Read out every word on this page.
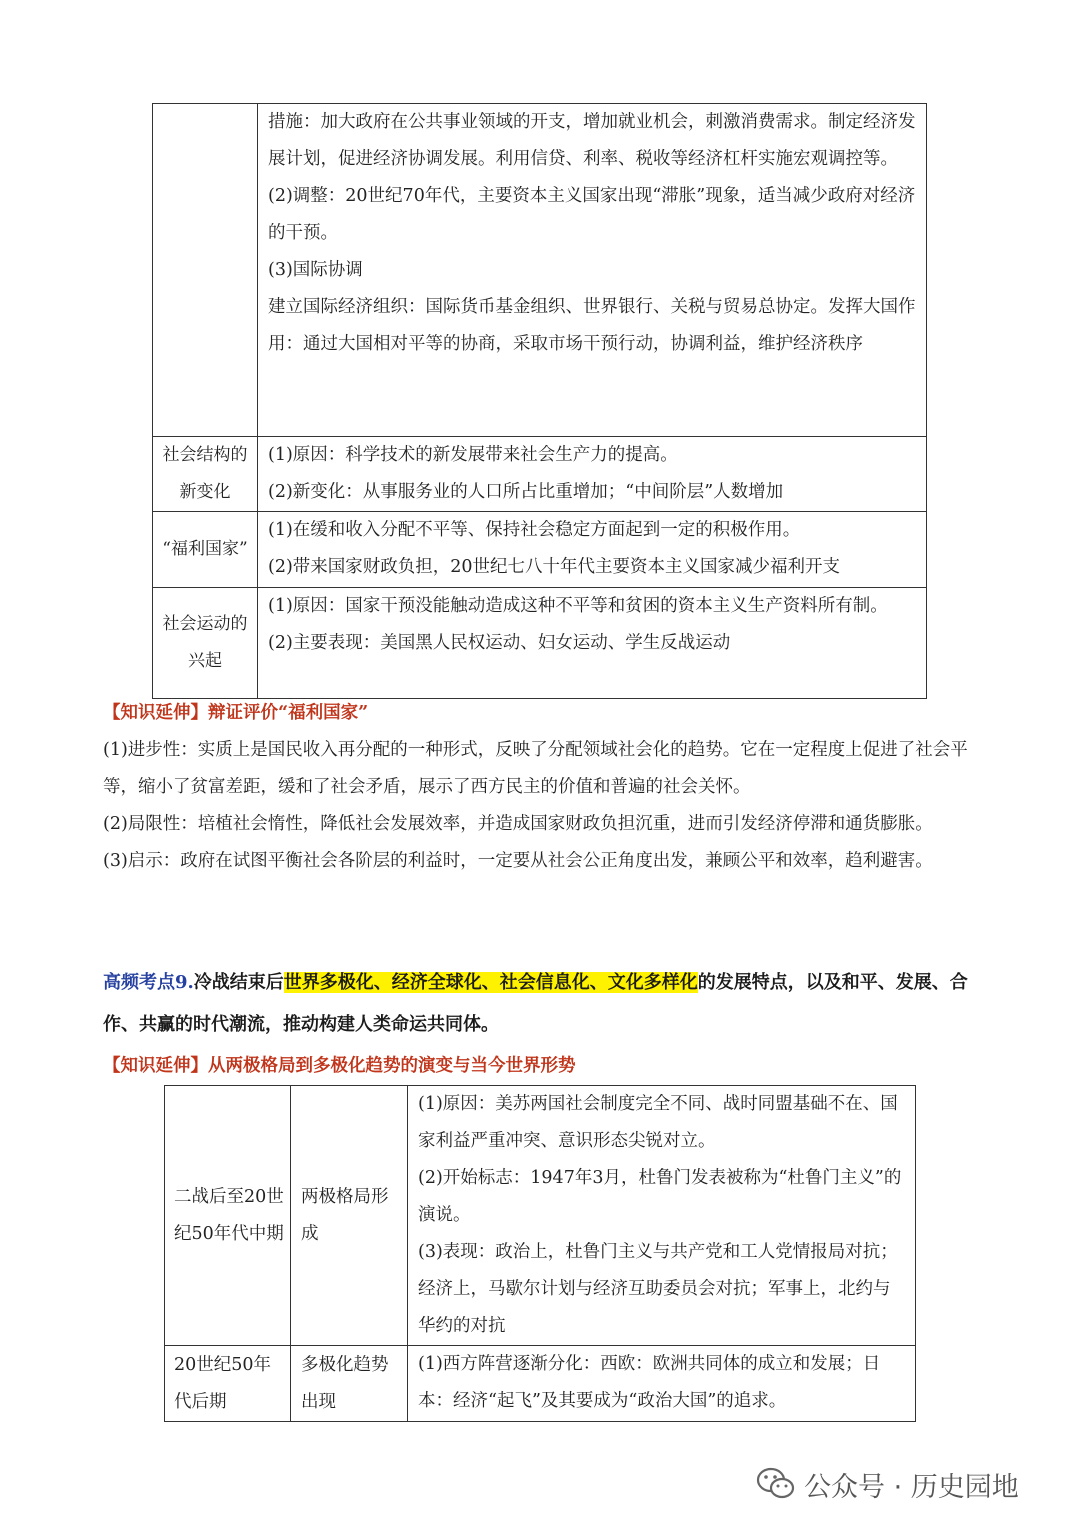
	措施：加大政府在公共事业领域的开支，增加就业机会，刺激消费需求。制定经济发展计划，促进经济协调发展。利用信贷、利率、税收等经济杠杆实施宏观调控等。

(2)调整：20世纪70年代，主要资本主义国家出现“滞胀”现象，适当减少政府对经济的干预。

(3)国际协调

建立国际经济组织：国际货币基金组织、世界银行、关税与贸易总协定。发挥大国作用：通过大国相对平等的协商，采取市场干预行动，协调利益，维护经济秩序

社会结构的新变化	(1)原因：科学技术的新发展带来社会生产力的提高。

(2)新变化：从事服务业的人口所占比重增加；“中间阶层”人数增加

“福利国家”	(1)在缓和收入分配不平等、保持社会稳定方面起到一定的积极作用。

(2)带来国家财政负担，20世纪七八十年代主要资本主义国家减少福利开支

社会运动的兴起	(1)原因：国家干预没能触动造成这种不平等和贫困的资本主义生产资料所有制。

(2)主要表现：美国黑人民权运动、妇女运动、学生反战运动

【知识延伸】辩证评价“福利国家”

(1)进步性：实质上是国民收入再分配的一种形式，反映了分配领域社会化的趋势。它在一定程度上促进了社会平等，缩小了贫富差距，缓和了社会矛盾，展示了西方民主的价值和普遍的社会关怀。

(2)局限性：培植社会惰性，降低社会发展效率，并造成国家财政负担沉重，进而引发经济停滞和通货膨胀。

(3)启示：政府在试图平衡社会各阶层的利益时，一定要从社会公正角度出发，兼顾公平和效率，趋利避害。

高频考点9.冷战结束后世界多极化、经济全球化、社会信息化、文化多样化的发展特点，以及和平、发展、合作、共赢的时代潮流，推动构建人类命运共同体。
【知识延伸】从两极格局到多极化趋势的演变与当今世界形势
二战后至20世纪50年代中期	两极格局形成	(1)原因：美苏两国社会制度完全不同、战时同盟基础不在、国家利益严重冲突、意识形态尖锐对立。

(2)开始标志：1947年3月，杜鲁门发表被称为“杜鲁门主义”的演说。

(3)表现：政治上，杜鲁门主义与共产党和工人党情报局对抗；经济上，马歇尔计划与经济互助委员会对抗；军事上，北约与华约的对抗

20世纪50年代后期	多极化趋势出现	(1)西方阵营逐渐分化：西欧：欧洲共同体的成立和发展；日本：经济“起飞”及其要成为“政治大国”的追求。

公众号 · 历史园地
